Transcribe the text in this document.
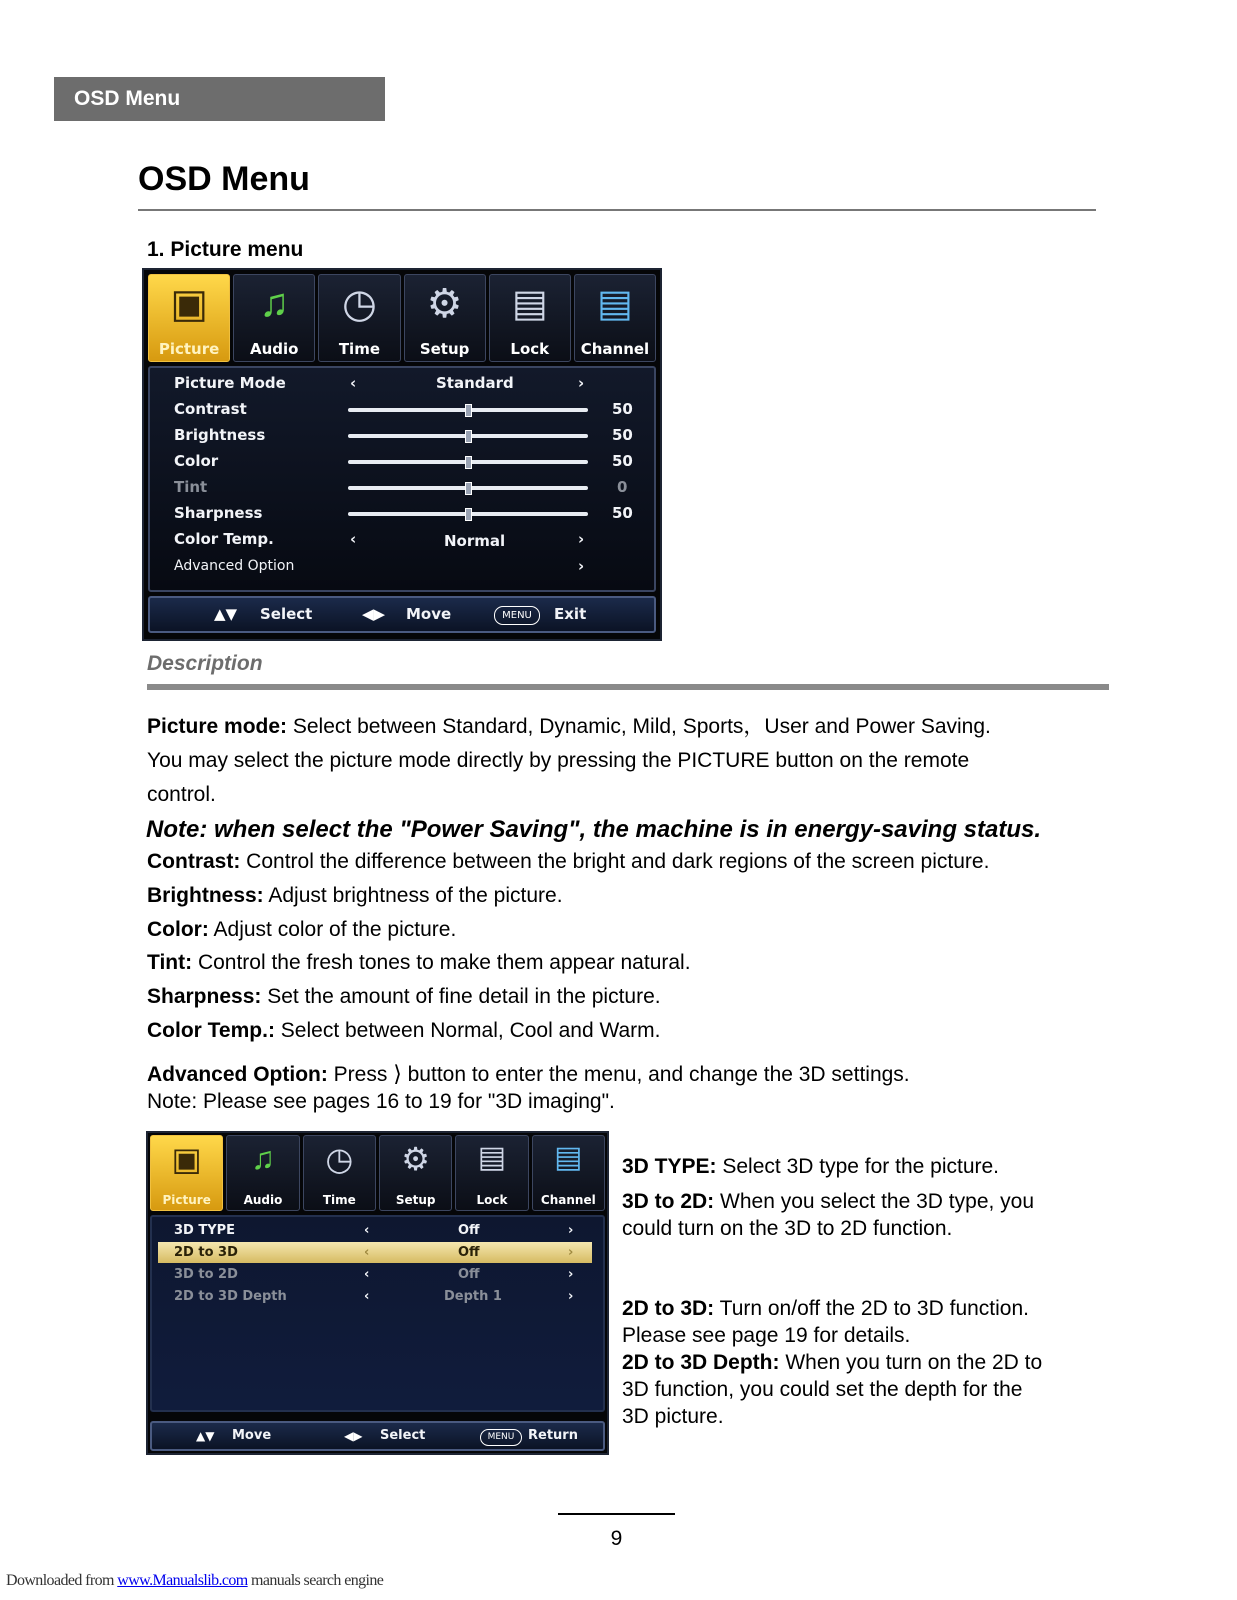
OSD Menu
OSD Menu
1. Picture menu
▣
Picture
♫
Audio
◷
Time
⚙
Setup
▤
Lock
▤
Channel
Picture Mode	‹	Standard	›
Contrast	50
Brightness	50
Color	50
Tint	0
Sharpness	50
Color Temp.	‹	Normal	›
Advanced Option	›
▲▼ Select	◀▶ Move	MENU	Exit
Description
Picture mode: Select between Standard, Dynamic, Mild, Sports，User and Power Saving.
You may select the picture mode directly by pressing the PICTURE button on the remote
control.
Note: when select the "Power Saving", the machine is in energy-saving status.
Contrast: Control the difference between the bright and dark regions of the screen picture.
Brightness: Adjust brightness of the picture.
Color: Adjust color of the picture.
Tint: Control the fresh tones to make them appear natural.
Sharpness: Set the amount of fine detail in the picture.
Color Temp.: Select between Normal, Cool and Warm.
Advanced Option: Press ⟩ button to enter the menu, and change the 3D settings.
Note: Please see pages 16 to 19 for "3D imaging".
▣
Picture
♫
Audio
◷
Time
⚙
Setup
▤
Lock
▤
Channel
3D TYPE	‹	Off	›
2D to 3D	‹	Off	›
3D to 2D	‹	Off	›
2D to 3D Depth	‹	Depth 1	›
▲▼ Move	◀▶ Select	MENU	Return
3D TYPE: Select 3D type for the picture.
3D to 2D: When you select the 3D type, you
could turn on the 3D to 2D function.
2D to 3D: Turn on/off the 2D to 3D function.
Please see page 19 for details.
2D to 3D Depth: When you turn on the 2D to
3D function, you could set the depth for the
3D picture.
9
Downloaded from www.Manualslib.com manuals search engine
